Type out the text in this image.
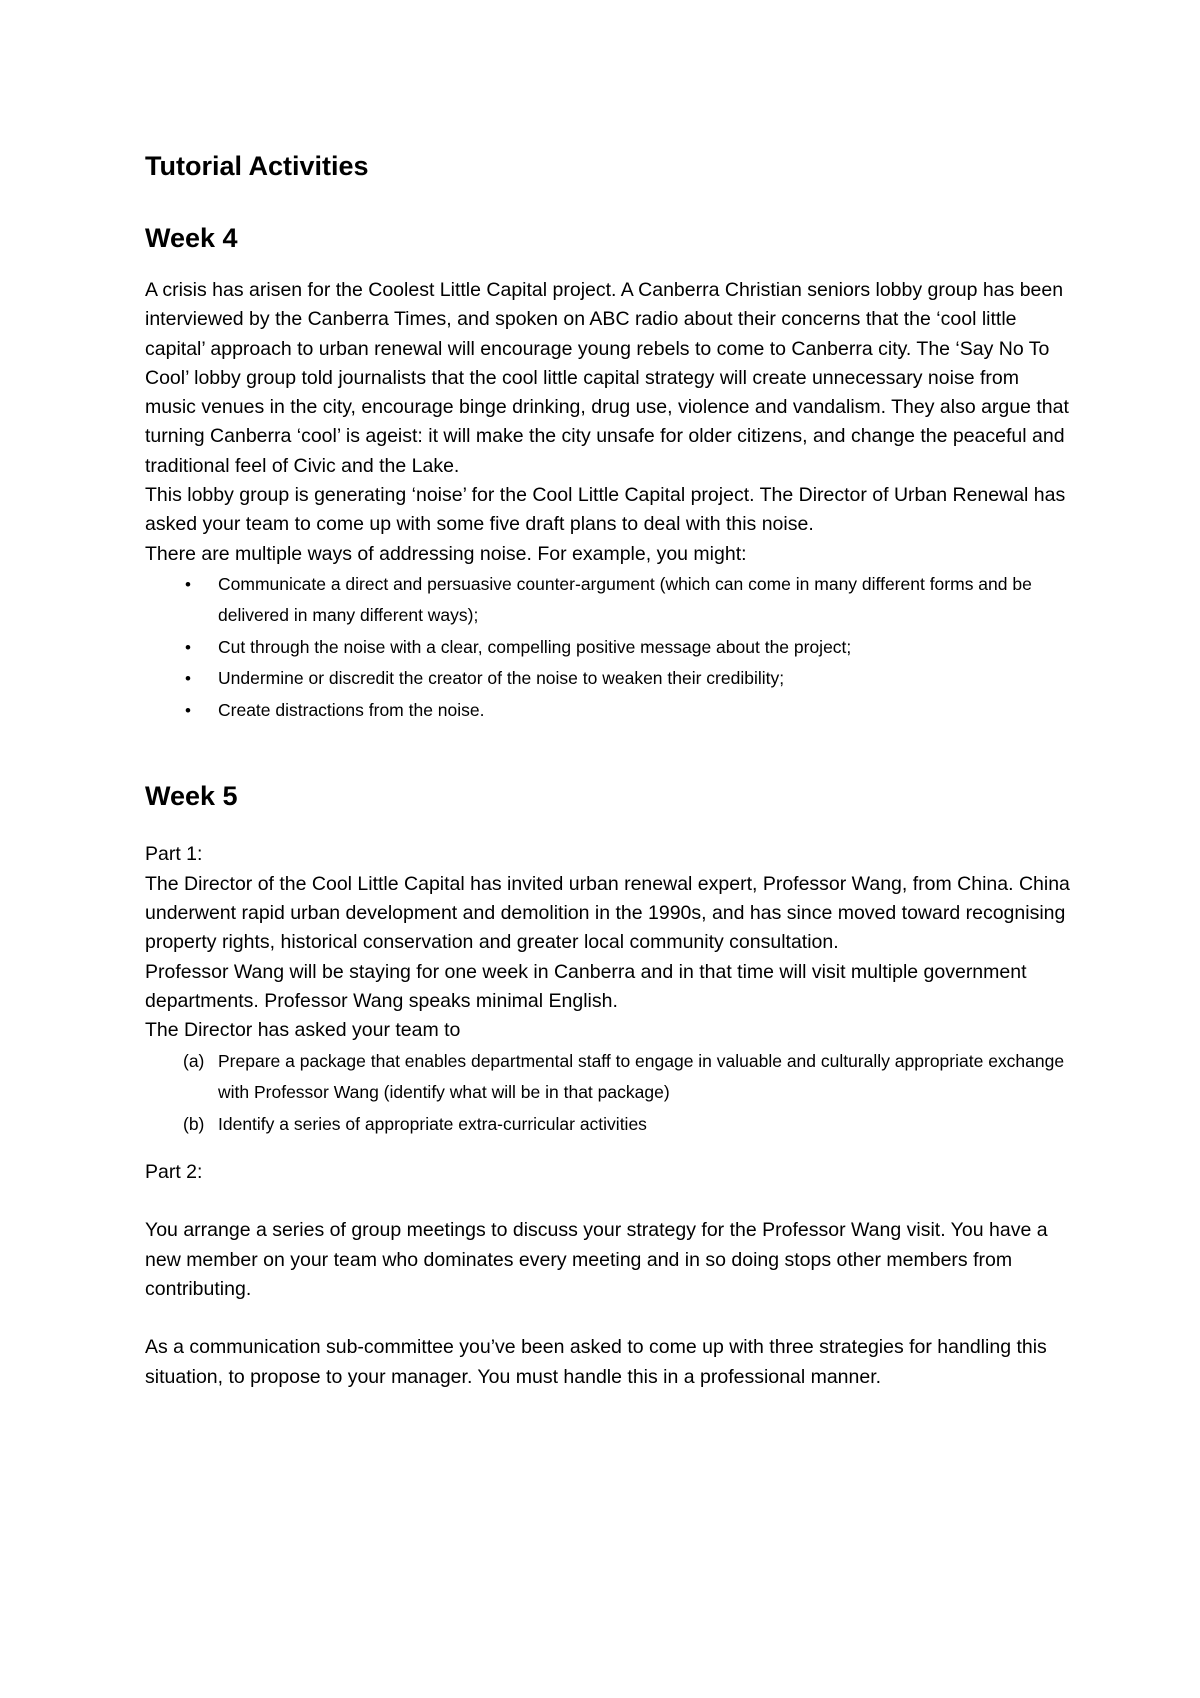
Tutorial Activities
Week 4

A crisis has arisen for the Coolest Little Capital project. A Canberra Christian seniors lobby group has been interviewed by the Canberra Times, and spoken on ABC radio about their concerns that the ‘cool little capital’ approach to urban renewal will encourage young rebels to come to Canberra city. The ‘Say No To Cool’ lobby group told journalists that the cool little capital strategy will create unnecessary noise from music venues in the city, encourage binge drinking, drug use, violence and vandalism. They also argue that turning Canberra ‘cool’ is ageist: it will make the city unsafe for older citizens, and change the peaceful and traditional feel of Civic and the Lake.

This lobby group is generating ‘noise’ for the Cool Little Capital project. The Director of Urban Renewal has asked your team to come up with some five draft plans to deal with this noise.

There are multiple ways of addressing noise. For example, you might:

• Communicate a direct and persuasive counter-argument (which can come in many different forms and be delivered in many different ways);
• Cut through the noise with a clear, compelling positive message about the project;
• Undermine or discredit the creator of the noise to weaken their credibility;
• Create distractions from the noise.
Week 5

Part 1:

The Director of the Cool Little Capital has invited urban renewal expert, Professor Wang, from China. China underwent rapid urban development and demolition in the 1990s, and has since moved toward recognising property rights, historical conservation and greater local community consultation.

Professor Wang will be staying for one week in Canberra and in that time will visit multiple government departments. Professor Wang speaks minimal English.

The Director has asked your team to

(a) Prepare a package that enables departmental staff to engage in valuable and culturally appropriate exchange with Professor Wang (identify what will be in that package)
(b) Identify a series of appropriate extra-curricular activities

Part 2:

You arrange a series of group meetings to discuss your strategy for the Professor Wang visit. You have a new member on your team who dominates every meeting and in so doing stops other members from contributing.

As a communication sub-committee you’ve been asked to come up with three strategies for handling this situation, to propose to your manager. You must handle this in a professional manner.
